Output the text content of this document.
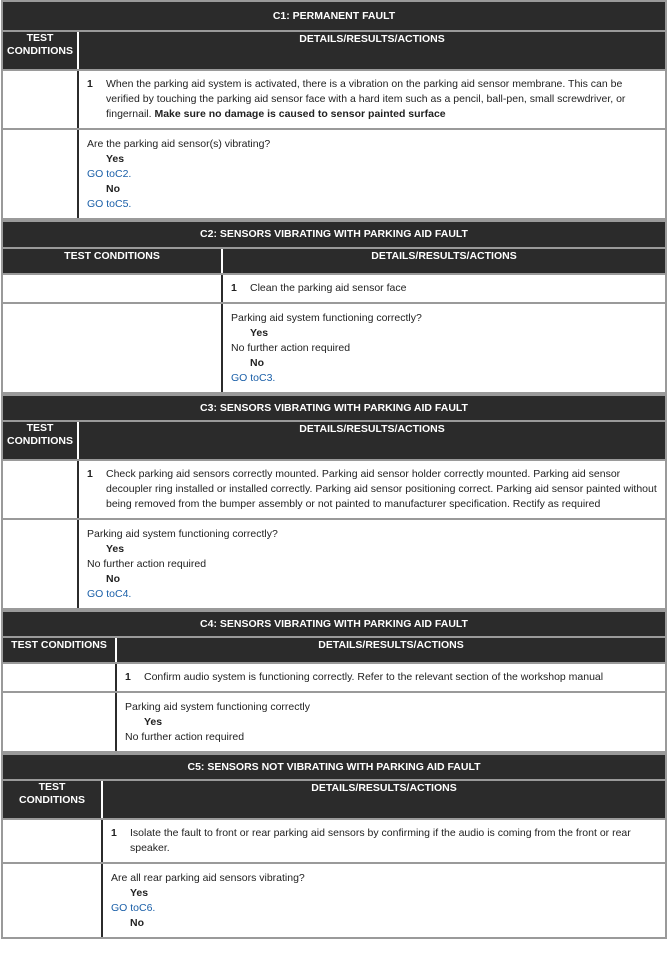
C1: PERMANENT FAULT	
TEST
CONDITIONS	DETAILS/RESULTS/ACTIONS

	1 When the parking aid system is activated, there is a vibration on the parking aid sensor membrane. This can be verified by touching the parking aid sensor face with a hard item such as a pencil, ball-pen, small screwdriver, or fingernail. Make sure no damage is caused to sensor painted surface

	Are the parking aid sensor(s) vibrating?
Yes
GO toC2.
No
GO toC5.
C2: SENSORS VIBRATING WITH PARKING AID FAULT	
TEST CONDITIONS	DETAILS/RESULTS/ACTIONS

	1 Clean the parking aid sensor face

	Parking aid system functioning correctly?
Yes
No further action required
No
GO toC3.
C3: SENSORS VIBRATING WITH PARKING AID FAULT	
TEST
CONDITIONS	DETAILS/RESULTS/ACTIONS

	1 Check parking aid sensors correctly mounted. Parking aid sensor holder correctly mounted. Parking aid sensor decoupler ring installed or installed correctly. Parking aid sensor positioning correct. Parking aid sensor painted without being removed from the bumper assembly or not painted to manufacturer specification. Rectify as required

	Parking aid system functioning correctly?
Yes
No further action required
No
GO toC4.
C4: SENSORS VIBRATING WITH PARKING AID FAULT	
TEST CONDITIONS	DETAILS/RESULTS/ACTIONS

	1 Confirm audio system is functioning correctly. Refer to the relevant section of the workshop manual

	Parking aid system functioning correctly
Yes
No further action required
C5: SENSORS NOT VIBRATING WITH PARKING AID FAULT	
TEST
CONDITIONS	DETAILS/RESULTS/ACTIONS

	1 Isolate the fault to front or rear parking aid sensors by confirming if the audio is coming from the front or rear speaker.

	Are all rear parking aid sensors vibrating?
Yes
GO toC6.
No
